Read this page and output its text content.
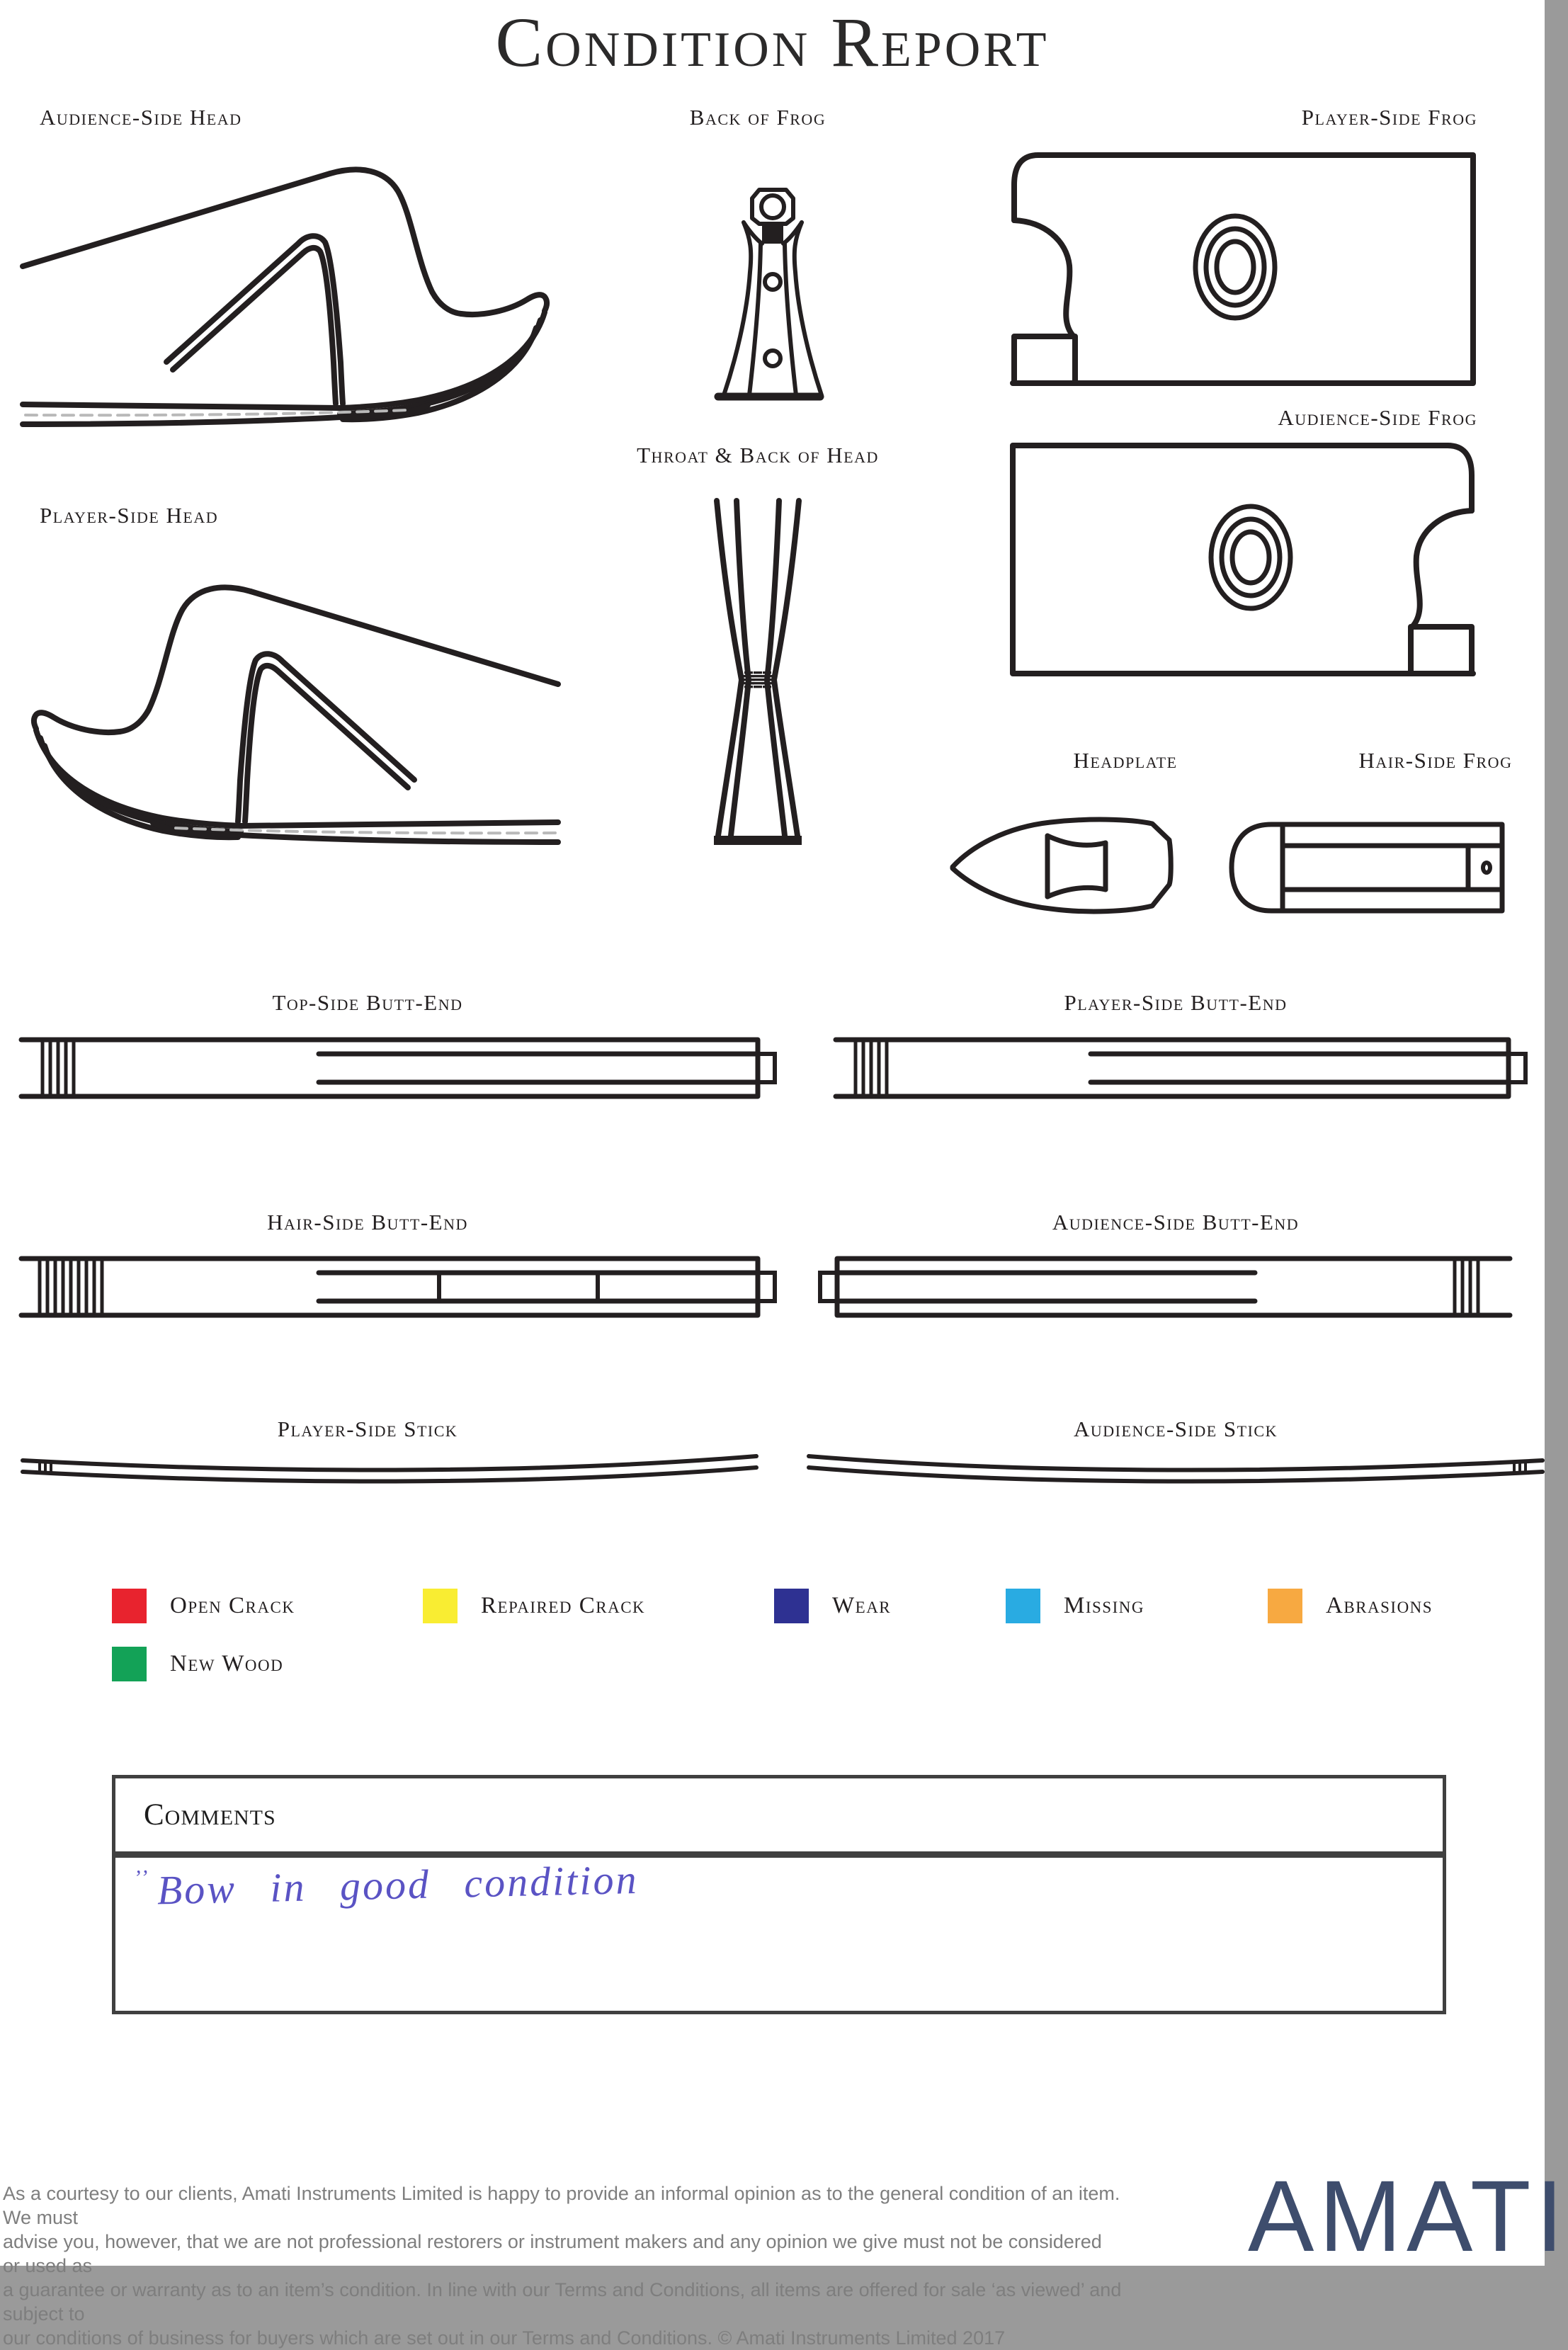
Condition Report
Audience-Side Head	Back of Frog	Player-Side Frog
Audience-Side Frog
Player-Side Head
Throat & Back of Head
Headplate	Hair-Side Frog
Top-Side Butt-End	Player-Side Butt-End
Hair-Side Butt-End	Audience-Side Butt-End
Player-Side Stick	Audience-Side Stick
Open Crack	Repaired Crack	Wear	Missing	Abrasions
New Wood
Comments
’’ Bow in good condition
As a courtesy to our clients, Amati Instruments Limited is happy to provide an informal opinion as to the general condition of an item. We must
advise you, however, that we are not professional restorers or instrument makers and any opinion we give must not be considered or used as
a guarantee or warranty as to an item’s condition. In line with our Terms and Conditions, all items are offered for sale ‘as viewed’ and subject to
our conditions of business for buyers which are set out in our Terms and Conditions. © Amati Instruments Limited 2017
AMATI
